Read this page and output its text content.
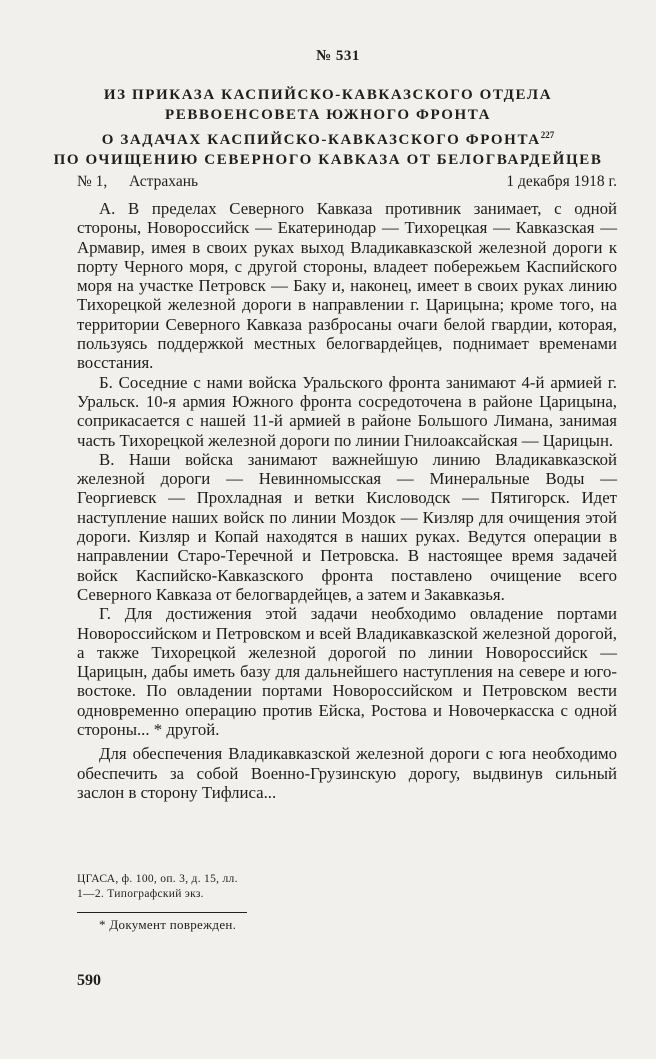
№ 531
ИЗ ПРИКАЗА КАСПИЙСКО-КАВКАЗСКОГО ОТДЕЛА
РЕВВОЕНСОВЕТА ЮЖНОГО ФРОНТА
О ЗАДАЧАХ КАСПИЙСКО-КАВКАЗСКОГО ФРОНТА$^{227}$
ПО ОЧИЩЕНИЮ СЕВЕРНОГО КАВКАЗА ОТ БЕЛОГВАРДЕЙЦЕВ
№ 1, Астрахань	1 декабря 1918 г.

А. В пределах Северного Кавказа противник занимает, с одной стороны, Новороссийск — Екатеринодар — Тихорецкая — Кавказская — Армавир, имея в своих руках выход Владикавказской железной дороги к порту Черного моря, с другой стороны, владеет побережьем Каспийского моря на участке Петровск — Баку и, наконец, имеет в своих руках линию Тихорецкой железной дороги в направлении г. Царицына; кроме того, на территории Северного Кавказа разбросаны очаги белой гвардии, которая, пользуясь поддержкой местных белогвардейцев, поднимает временами восстания.

Б. Соседние с нами войска Уральского фронта занимают 4-й армией г. Уральск. 10-я армия Южного фронта сосредоточена в районе Царицына, соприкасается с нашей 11-й армией в районе Большого Лимана, занимая часть Тихорецкой железной дороги по линии Гнилоаксайская — Царицын.

В. Наши войска занимают важнейшую линию Владикавказской железной дороги — Невинномысская — Минеральные Воды — Георгиевск — Прохладная и ветки Кисловодск — Пятигорск. Идет наступление наших войск по линии Моздок — Кизляр для очищения этой дороги. Кизляр и Копай находятся в наших руках. Ведутся операции в направлении Старо-Теречной и Петровска. В настоящее время задачей войск Каспийско-Кавказского фронта поставлено очищение всего Северного Кавказа от белогвардейцев, а затем и Закавказья.

Г. Для достижения этой задачи необходимо овладение портами Новороссийском и Петровском и всей Владикавказской железной дорогой, а также Тихорецкой железной дорогой по линии Новороссийск — Царицын, дабы иметь базу для дальнейшего наступления на севере и юго-востоке. По овладении портами Новороссийском и Петровском вести одновременно операцию против Ейска, Ростова и Новочеркасска с одной стороны... * другой.

Для обеспечения Владикавказской железной дороги с юга необходимо обеспечить за собой Военно-Грузинскую дорогу, выдвинув сильный заслон в сторону Тифлиса...

ЦГАСА, ф. 100, оп. 3, д. 15, лл.
1—2. Типографский экз.
* Документ поврежден.
590
